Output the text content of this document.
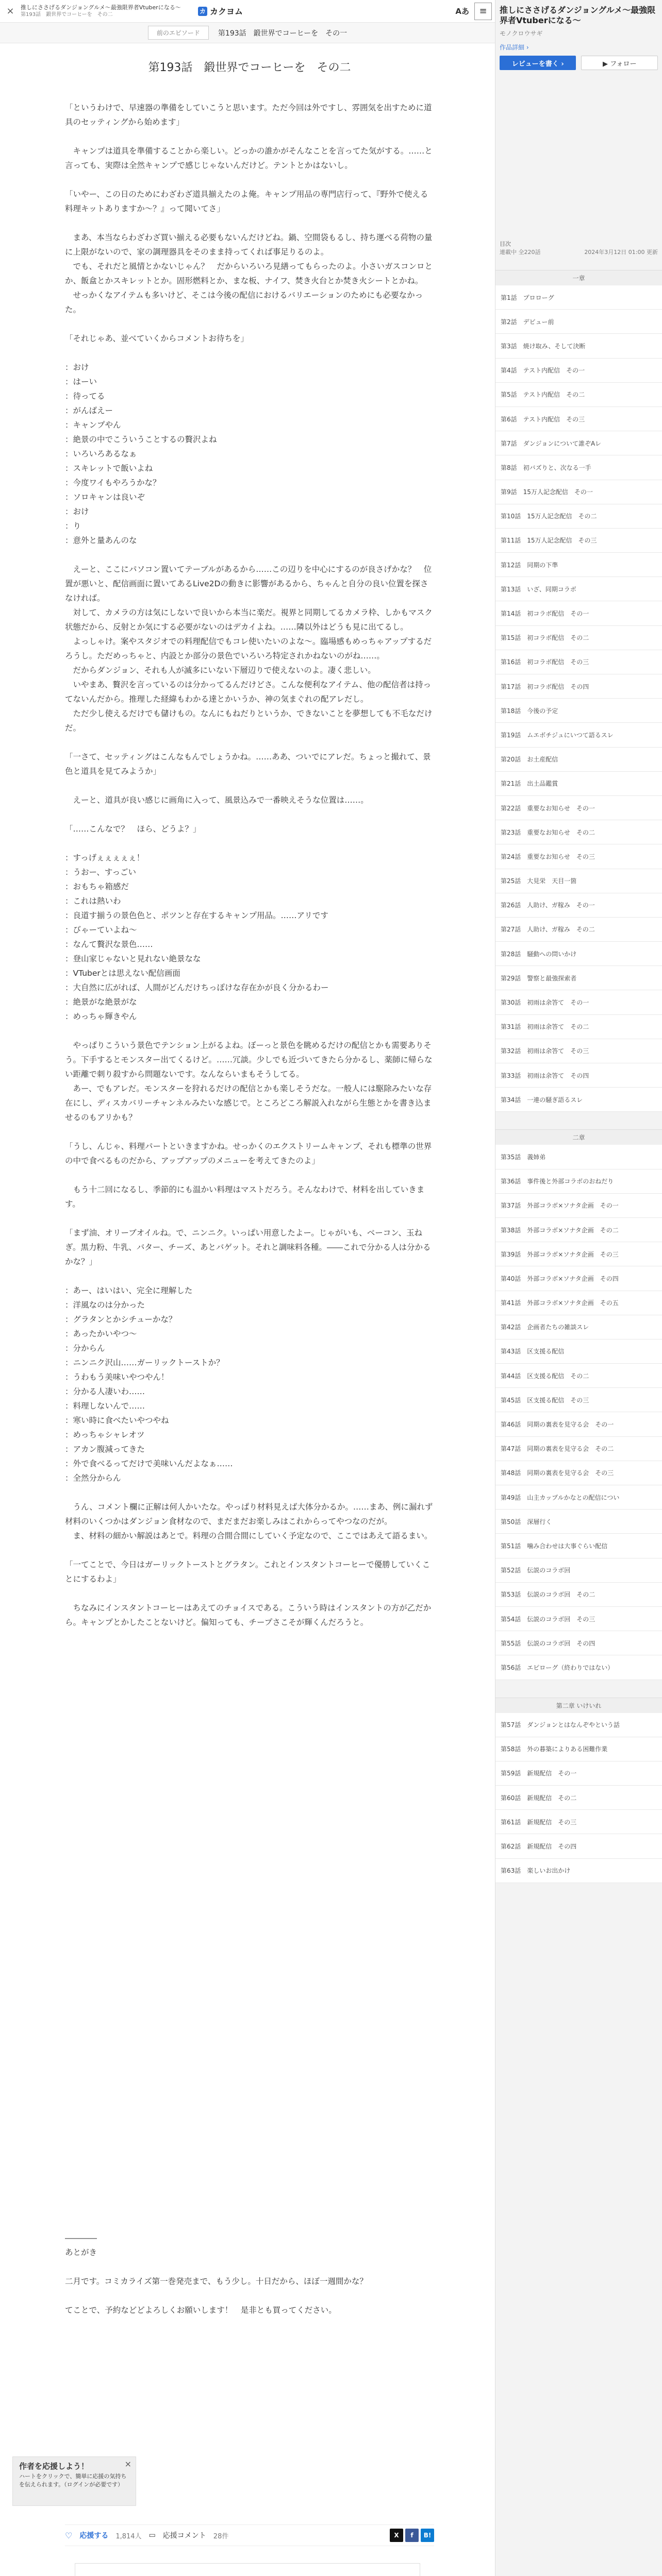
×	推しにささげるダンジョングルメ～最強限界者Vtuberになる～
第193話　鍛世界でコーヒーを　その二	カ カクヨム	Aあ	≡
前のエピソード	第193話　鍛世界でコーヒーを　その一
第193話　鍛世界でコーヒーを　その二

「というわけで、早速器の準備をしていこうと思います。ただ今回は外ですし、雰囲気を出すために道具のセッティングから始めます」

　キャンプは道具を準備することから楽しい。どっかの誰かがそんなことを言ってた気がする。……と言っても、実際は全然キャンプで感じじゃないんだけど。テントとかはないし。

「いやー、この日のためにわざわざ道具揃えたのよ俺。キャンプ用品の専門店行って、『野外で使える料理キットありますか～？』って聞いてさ」

　まあ、本当ならわざわざ買い揃える必要もないんだけどね。鍋、空間袋もるし、持ち運べる荷物の量に上限がないので、家の調理器具をそのまま持ってくれば事足りるのよ。

　でも、それだと風情とかないじゃん？　だからいろいろ見繕ってもらったのよ。小さいガスコンロとか、飯盒とかスキレットとか。固形燃料とか、まな板、ナイフ、焚き火台とか焚き火シートとかね。

　せっかくなアイテムも多いけど、そこは今後の配信におけるバリエーションのためにも必要なかった。

「それじゃあ、並べていくからコメントお待ちを」

：おけ

：はーい

：待ってる

：がんばえー

：キャンプやん

：絶景の中でこういうことするの贅沢よね

：いろいろあるなぁ

：スキレットで飯いよね

：今度ワイもやろうかな？

：ソロキャンは良いぞ

：おけ

：り

：意外と量あんのな

　えーと、ここにパソコン置いてテーブルがあるから……この辺りを中心にするのが良さげかな？　位置が悪いと、配信画面に置いてあるLive2Dの動きに影響があるから、ちゃんと自分の良い位置を探さなければ。

　対して、カメラの方は気にしないで良いから本当に楽だ。視界と同期してるカメラ枠、しかもマスク状態だから、反射とか気にする必要がないのはデカイよね。……隣以外はどうも見に出てるし。

　よっしゃけ。案やスタジオでの料理配信でもコレ使いたいのよな～。臨場感もめっちゃアップするだろうし。ただめっちゃと、内設とか部分の景色でいろいろ特定されかねないのがね……。

　だからダンジョン、それも人が滅多にいない下層辺りで使えないのよ。凄く悲しい。

　いやまあ、贅沢を言っているのは分かってるんだけどさ。こんな便利なアイテム、他の配信者は持ってないんだから。推理した経緯もわかる達とかいうか、神の気まぐれの配アレだし。

　ただ少し使えるだけでも儲けもの。なんにもねだりというか、できないことを夢想しても不毛なだけだ。

「一さて、セッティングはこんなもんでしょうかね。……ああ、ついでにアレだ。ちょっと撮れて、景色と道具を見てみようか」

　えーと、道具が良い感じに画角に入って、風景込みで一番映えそうな位置は……。

「……こんなで？　ほら、どうよ？」

：すっげぇぇぇぇぇ！

：うおー、すっごい

：おもちゃ箱感だ

：これは熱いわ

：良道す揃うの景色色と、ポツンと存在するキャンプ用品。……アリです

：びゃーていよね～

：なんて贅沢な景色……

：登山家じゃないと見れない絶景なな

：VTuberとは思えない配信画面

：大自然に広がれば、人間がどんだけちっぽけな存在かが良く分かるわー

：絶景がな絶景がな

：めっちゃ輝きやん

　やっぱりこういう景色でテンション上がるよね。ぼーっと景色を眺めるだけの配信とかも需要ありそう。下手するとモンスター出てくるけど。……冗談。少しでも近づいてきたら分かるし、薬師に帰らない距離で刺り殺すから問題ないです。なんならいまもそうしてる。

　あー、でもアレだ。モンスターを狩れるだけの配信とかも楽しそうだな。一般人には駆除みたいな存在にし、ディスカバリーチャンネルみたいな感じで。ところどころ解説入れながら生態とかを書き込ませるのもアリかも？

「うし、んじゃ、料理パートといきますかね。せっかくのエクストリームキャンプ、それも標準の世界の中で食べるものだから、アップアップのメニューを考えてきたのよ」

　もう十二回になるし、季節的にも温かい料理はマストだろう。そんなわけで、材料を出していきます。

「まず油、オリーブオイルね。で、ニンニク。いっぱい用意したよー。じゃがいも、ベーコン、玉ねぎ。黒力粉、牛乳、バター、チーズ、あとバゲット。それと調味料各種。――これで分かる人は分かるかな？」

：あー、はいはい、完全に理解した

：洋風なのは分かった

：グラタンとかシチューかな？

：あったかいやつ～

：分からん

：ニンニク沢山……ガーリックトーストか？

：うわもう美味いやつやん！

：分かる人凄いわ……

：料理しないんで……

：寒い時に食べたいやつやね

：めっちゃシャレオツ

：アカン腹減ってきた

：外で食べるってだけで美味いんだよなぁ……

：全然分からん

　うん、コメント欄に正解は何人かいたな。やっぱり材料見えば大体分かるか。……まあ、例に漏れず材料のいくつかはダンジョン食材なので、まだまだお楽しみはこれからってやつなのだが。

　ま、材料の細かい解説はあとで。料理の合間合間にしていく予定なので、ここではあえて語るまい。

「一てことで、今日はガーリックトーストとグラタン。これとインスタントコーヒーで優勝していくことにするわよ」

　ちなみにインスタントコーヒーはあえてのチョイスである。こういう時はインスタントの方が乙だから。キャンプとかしたことないけど。偏知っても、チープさこそが輝くんだろうと。

――――

あとがき

二月です。コミカライズ第一巻発売まで、もう少し。十日だから、ほぼ一週間かな？

てことで、予約などどよろしくお願いします！　是非とも買ってください。

作者を応援しよう！
ハートをクリックで、簡単に応援の気持ちを伝えられます。（ログインが必要です）
×
♡ 応援する 1,814人 ▭ 応援コメント 28件	X	f	B!
推しにささげるダンジョングルメ～最強限界者Vtuberになる～
モノクロウサギ
作品詳細 ›
レビューを書く ›	▶ フォロー
目次
連載中 全220話	2024年3月12日 01:00 更新
一章
第1話　プロローグ
第2話　デビュー前
第3話　焼け取み、そして決断
第4話　テスト内配信　その一
第5話　テスト内配信　その二
第6話　テスト内配信　その三
第7話　ダンジョンについて誰ぞAレ
第8話　初バズりと、次なる一手
第9話　15万人記念配信　その一
第10話　15万人記念配信　その二
第11話　15万人記念配信　その三
第12話　同期の下準
第13話　いざ、同期コラボ
第14話　初コラボ配信　その一
第15話　初コラボ配信　その二
第16話　初コラボ配信　その三
第17話　初コラボ配信　その四
第18話　今後の予定
第19話　ムエボチジュにいつて語るスレ
第20話　お土産配信
第21話　出土品鑑賞
第22話　重要なお知らせ　その一
第23話　重要なお知らせ　その二
第24話　重要なお知らせ　その三
第25話　大見栄　天目一箇
第26話　人助け、ガ稼み　その一
第27話　人助け、ガ稼み　その二
第28話　騒動への問いかけ
第29話　警察と最強探索者
第30話　初雨は余答て　その一
第31話　初雨は余答て　その二
第32話　初雨は余答て　その三
第33話　初雨は余答て　その四
第34話　一連の騒ぎ語るスレ
二章
第35話　義姉弟
第36話　事件後と外部コラボのおねだり
第37話　外部コラボ×ソナタ企画　その一
第38話　外部コラボ×ソナタ企画　その二
第39話　外部コラボ×ソナタ企画　その三
第40話　外部コラボ×ソナタ企画　その四
第41話　外部コラボ×ソナタ企画　その五
第42話　企画者たちの雑談スレ
第43話　区支援る配信
第44話　区支援る配信　その二
第45話　区支援る配信　その三
第46話　同期の裏表を見守る会　その一
第47話　同期の裏表を見守る会　その二
第48話　同期の裏表を見守る会　その三
第49話　山主カップルかなとの配信につい
第50話　深層行く
第51話　噛み合わせは大事ぐらい配信
第52話　伝説のコラボ回
第53話　伝説のコラボ回　その二
第54話　伝説のコラボ回　その三
第55話　伝説のコラボ回　その四
第56話　エピローグ（終わりではない）
第二章 いけいれ
第57話　ダンジョンとはなんぞやという話
第58話　外の暮築によりある困難作業
第59話　新規配信　その一
第60話　新規配信　その二
第61話　新規配信　その三
第62話　新規配信　その四
第63話　楽しいお出かけ
